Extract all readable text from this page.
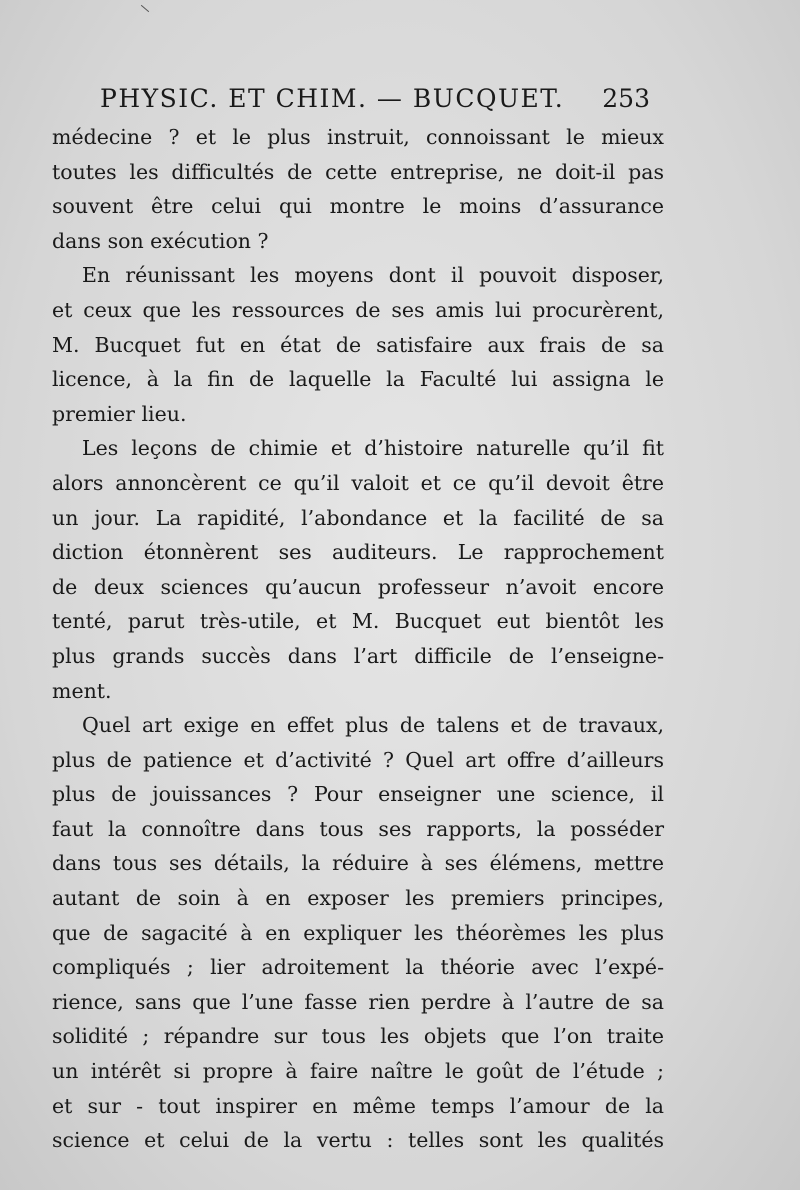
PHYSIC. ET CHIM. — BUCQUET. 253
médecine ? et le plus instruit, connoissant le mieux
toutes les difficultés de cette entreprise, ne doit-il pas
souvent être celui qui montre le moins d’assurance
dans son exécution ?
En réunissant les moyens dont il pouvoit disposer,
et ceux que les ressources de ses amis lui procurèrent,
M. Bucquet fut en état de satisfaire aux frais de sa
licence, à la fin de laquelle la Faculté lui assigna le
premier lieu.
Les leçons de chimie et d’histoire naturelle qu’il fit
alors annoncèrent ce qu’il valoit et ce qu’il devoit être
un jour. La rapidité, l’abondance et la facilité de sa
diction étonnèrent ses auditeurs. Le rapprochement
de deux sciences qu’aucun professeur n’avoit encore
tenté, parut très-utile, et M. Bucquet eut bientôt les
plus grands succès dans l’art difficile de l’enseigne-
ment.
Quel art exige en effet plus de talens et de travaux,
plus de patience et d’activité ? Quel art offre d’ailleurs
plus de jouissances ? Pour enseigner une science, il
faut la connoître dans tous ses rapports, la posséder
dans tous ses détails, la réduire à ses élémens, mettre
autant de soin à en exposer les premiers principes,
que de sagacité à en expliquer les théorèmes les plus
compliqués ; lier adroitement la théorie avec l’expé-
rience, sans que l’une fasse rien perdre à l’autre de sa
solidité ; répandre sur tous les objets que l’on traite
un intérêt si propre à faire naître le goût de l’étude ;
et sur - tout inspirer en même temps l’amour de la
science et celui de la vertu : telles sont les qualités
